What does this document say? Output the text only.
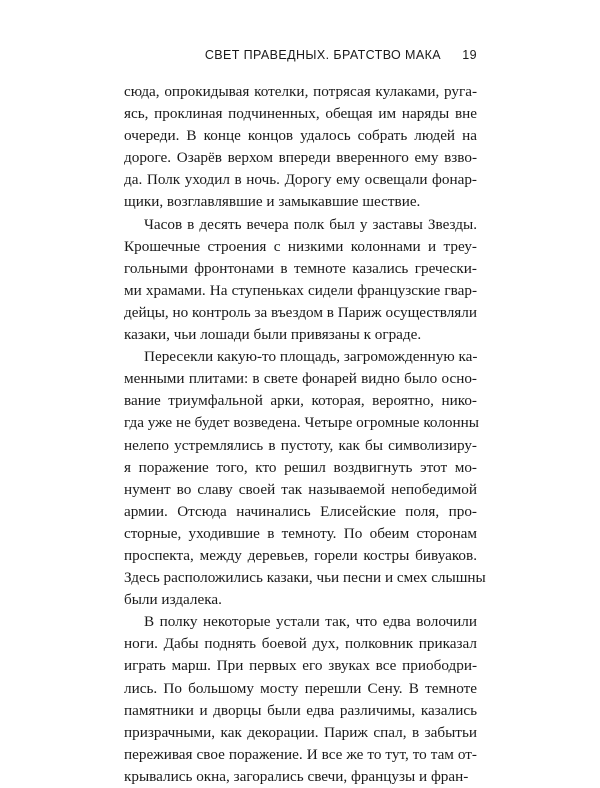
СВЕТ ПРАВЕДНЫХ. БРАТСТВО МАКА 19
сюда, опрокидывая котелки, потрясая кулаками, руга-
ясь, проклиная подчиненных, обещая им наряды вне
очереди. В конце концов удалось собрать людей на
дороге. Озарёв верхом впереди вверенного ему взво-
да. Полк уходил в ночь. Дорогу ему освещали фонар-
щики, возглавлявшие и замыкавшие шествие.
Часов в десять вечера полк был у заставы Звезды.
Крошечные строения с низкими колоннами и треу-
гольными фронтонами в темноте казались гречески-
ми храмами. На ступеньках сидели французские гвар-
дейцы, но контроль за въездом в Париж осуществляли
казаки, чьи лошади были привязаны к ограде.
Пересекли какую-то площадь, загроможденную ка-
менными плитами: в свете фонарей видно было осно-
вание триумфальной арки, которая, вероятно, нико-
гда уже не будет возведена. Четыре огромные колонны
нелепо устремлялись в пустоту, как бы символизиру-
я поражение того, кто решил воздвигнуть этот мо-
нумент во славу своей так называемой непобедимой
армии. Отсюда начинались Елисейские поля, про-
сторные, уходившие в темноту. По обеим сторонам
проспекта, между деревьев, горели костры бивуаков.
Здесь расположились казаки, чьи песни и смех слышны
были издалека.
В полку некоторые устали так, что едва волочили
ноги. Дабы поднять боевой дух, полковник приказал
играть марш. При первых его звуках все приободри-
лись. По большому мосту перешли Сену. В темноте
памятники и дворцы были едва различимы, казались
призрачными, как декорации. Париж спал, в забытьи
переживая свое поражение. И все же то тут, то там от-
крывались окна, загорались свечи, французы и фран-
